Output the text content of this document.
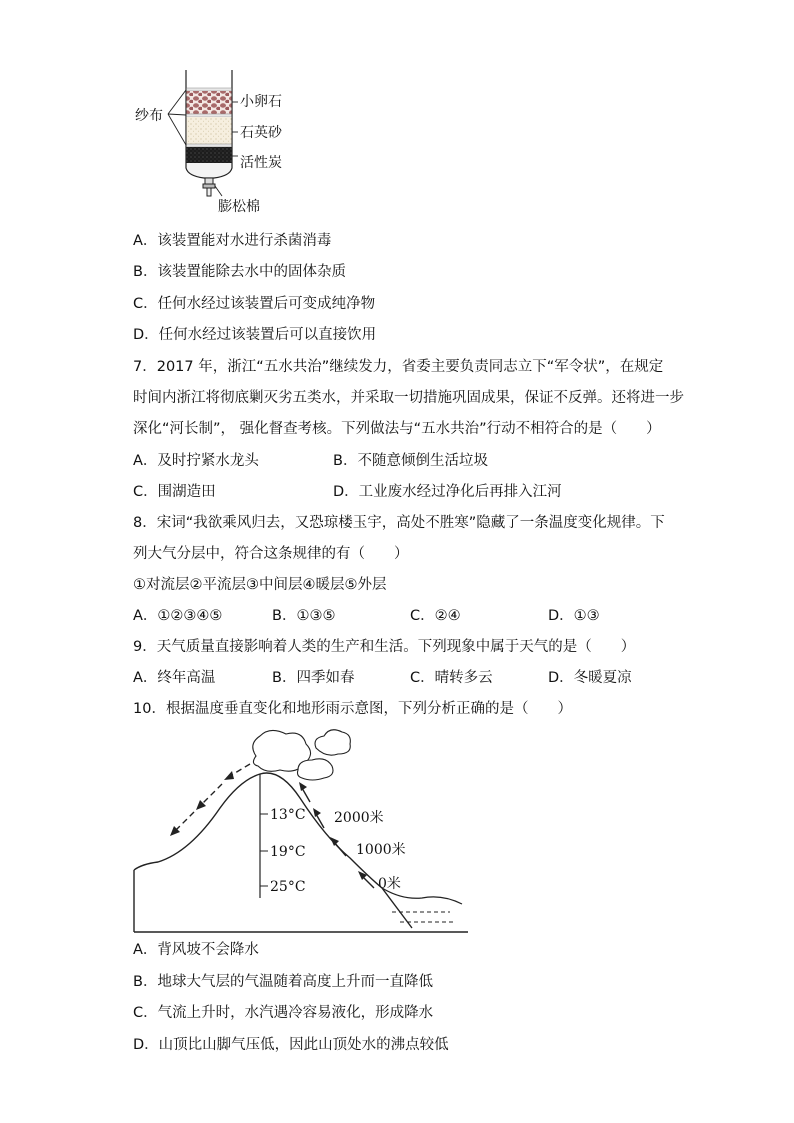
纱布
小卵石
石英砂
活性炭
膨松棉
A．该装置能对水进行杀菌消毒
B．该装置能除去水中的固体杂质
C．任何水经过该装置后可变成纯净物
D．任何水经过该装置后可以直接饮用
7．2017 年，浙江“五水共治”继续发力，省委主要负责同志立下“军令状”，在规定
时间内浙江将彻底剿灭劣五类水，并采取一切措施巩固成果，保证不反弹。还将进一步
深化“河长制”， 强化督查考核。下列做法与“五水共治”行动不相符合的是（　　）
A．及时拧紧水龙头	B．不随意倾倒生活垃圾
C．围湖造田	D．工业废水经过净化后再排入江河
8．宋词“我欲乘风归去，又恐琼楼玉宇，高处不胜寒”隐藏了一条温度变化规律。下
列大气分层中，符合这条规律的有（　　）
①对流层②平流层③中间层④暖层⑤外层
A．①②③④⑤	B．①③⑤	C．②④	D．①③
9．天气质量直接影响着人类的生产和生活。下列现象中属于天气的是（　　）
A．终年高温	B．四季如春	C．晴转多云	D．冬暖夏凉
10．根据温度垂直变化和地形雨示意图，下列分析正确的是（　　）
13°C
19°C
25°C
2000米
1000米
0米
A．背风坡不会降水
B．地球大气层的气温随着高度上升而一直降低
C．气流上升时，水汽遇冷容易液化，形成降水
D．山顶比山脚气压低，因此山顶处水的沸点较低
